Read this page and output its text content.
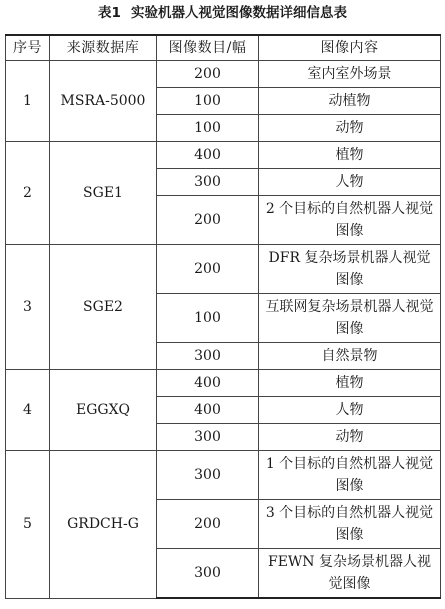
表1 实验机器人视觉图像数据详细信息表
序号	来源数据库	图像数目/幅	图像内容
1	MSRA-5000	200	室内室外场景
		100	动植物
		100	动物
2	SGE1	400	植物
		300	人物
		200	2 个目标的自然机器人视觉图像
3	SGE2	200	DFR 复杂场景机器人视觉图像
		100	互联网复杂场景机器人视觉图像
		300	自然景物
4	EGGXQ	400	植物
		400	人物
		300	动物
5	GRDCH-G	300	1 个目标的自然机器人视觉图像
		200	3 个目标的自然机器人视觉图像
		300	FEWN 复杂场景机器人视觉图像
